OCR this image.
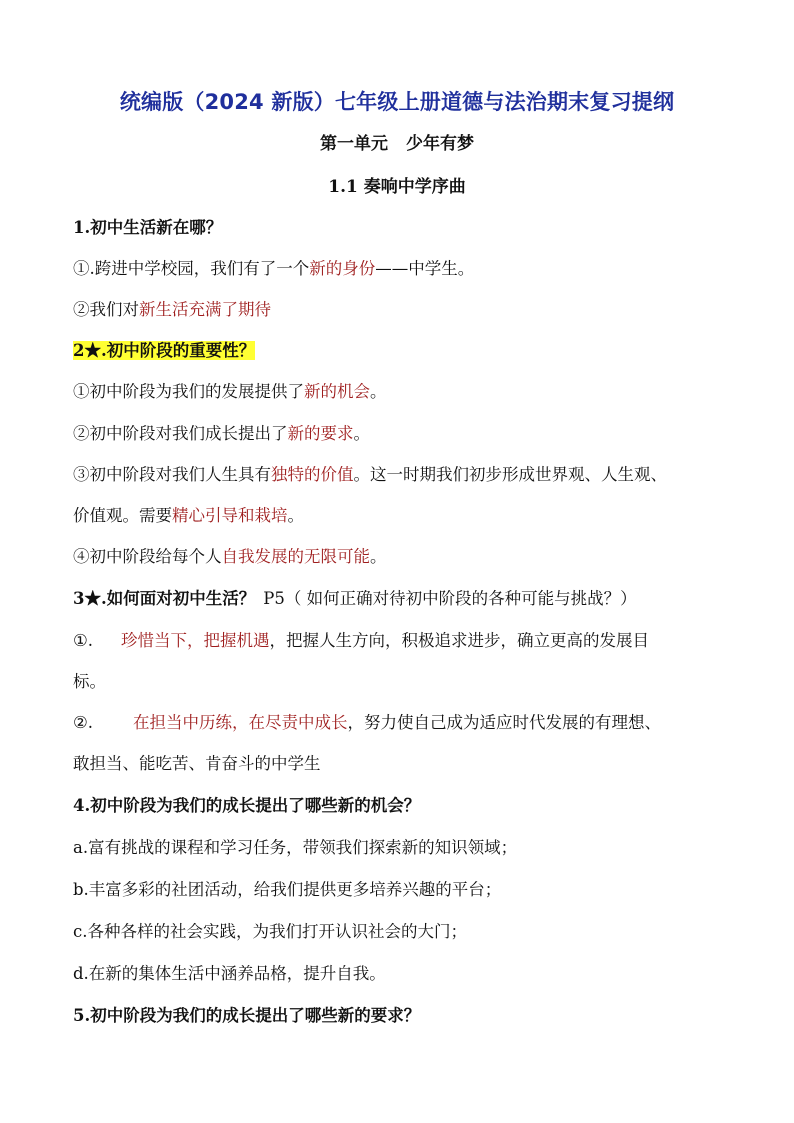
统编版（2024 新版）七年级上册道德与法治期末复习提纲
第一单元 少年有梦
1.1 奏响中学序曲
1.初中生活新在哪？
①.跨进中学校园，我们有了一个新的身份——中学生。
②我们对新生活充满了期待
2★.初中阶段的重要性？
①初中阶段为我们的发展提供了新的机会。
②初中阶段对我们成长提出了新的要求。
③初中阶段对我们人生具有独特的价值。这一时期我们初步形成世界观、人生观、
价值观。需要精心引导和栽培。
④初中阶段给每个人自我发展的无限可能。
3★.如何面对初中生活？ P5（ 如何正确对待初中阶段的各种可能与挑战？）
①. 珍惜当下，把握机遇，把握人生方向，积极追求进步，确立更高的发展目
标。
②. 在担当中历练，在尽责中成长，努力使自己成为适应时代发展的有理想、
敢担当、能吃苦、肯奋斗的中学生
4.初中阶段为我们的成长提出了哪些新的机会？
a.富有挑战的课程和学习任务，带领我们探索新的知识领域；
b.丰富多彩的社团活动，给我们提供更多培养兴趣的平台；
c.各种各样的社会实践，为我们打开认识社会的大门；
d.在新的集体生活中涵养品格，提升自我。
5.初中阶段为我们的成长提出了哪些新的要求？
